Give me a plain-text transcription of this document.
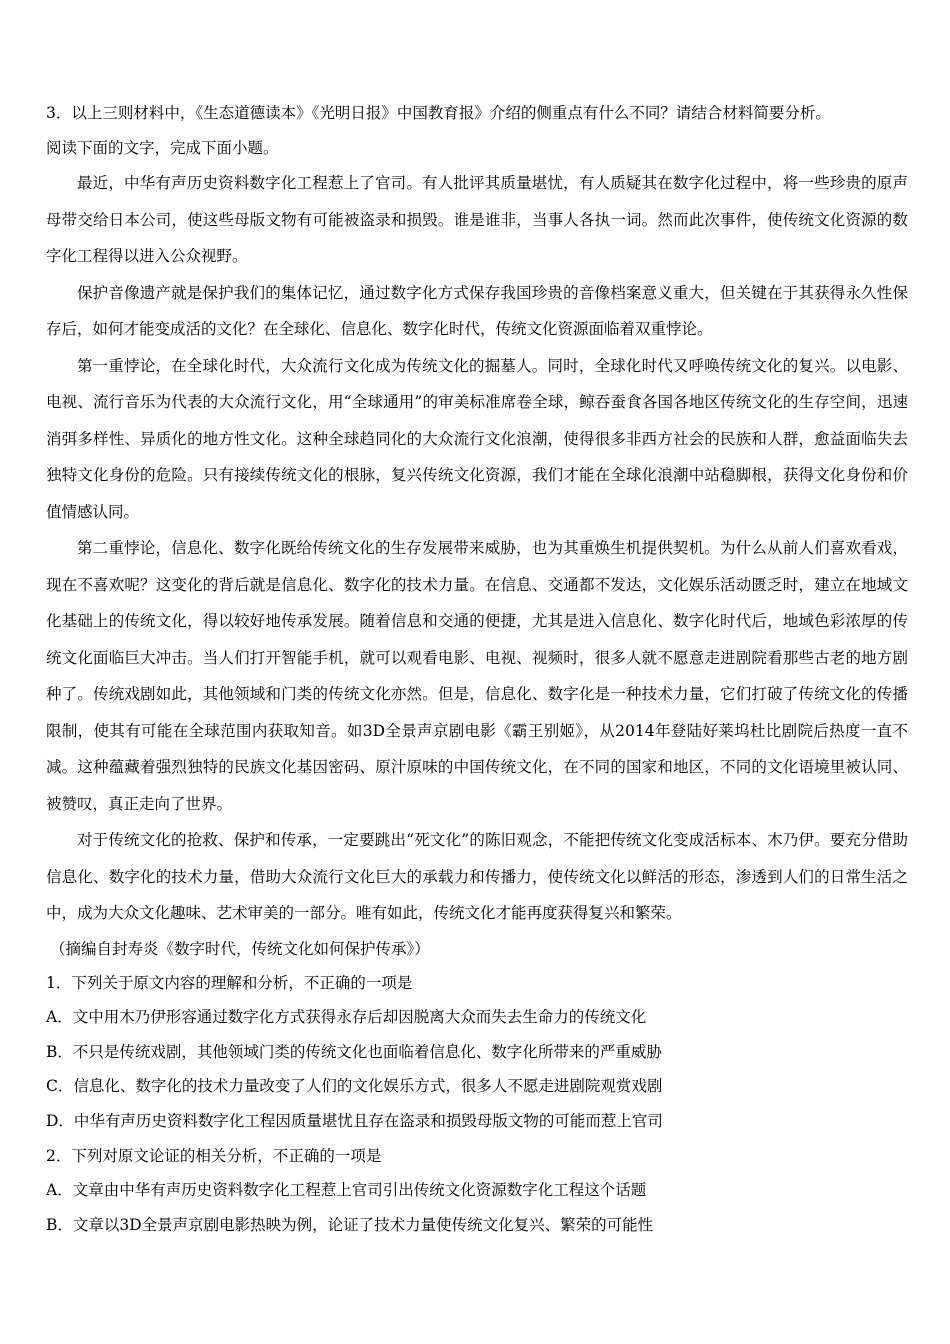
3．以上三则材料中，《生态道德读本》《光明日报》中国教育报》介绍的侧重点有什么不同？请结合材料简要分析。
阅读下面的文字，完成下面小题。

最近，中华有声历史资料数字化工程惹上了官司。有人批评其质量堪忧，有人质疑其在数字化过程中，将一些珍贵的原声母带交给日本公司，使这些母版文物有可能被盗录和损毁。谁是谁非，当事人各执一词。然而此次事件，使传统文化资源的数字化工程得以进入公众视野。

保护音像遗产就是保护我们的集体记忆，通过数字化方式保存我国珍贵的音像档案意义重大，但关键在于其获得永久性保存后，如何才能变成活的文化？在全球化、信息化、数字化时代，传统文化资源面临着双重悖论。

第一重悖论，在全球化时代，大众流行文化成为传统文化的掘墓人。同时，全球化时代又呼唤传统文化的复兴。以电影、电视、流行音乐为代表的大众流行文化，用“全球通用”的审美标准席卷全球，鲸吞蚕食各国各地区传统文化的生存空间，迅速消弭多样性、异质化的地方性文化。这种全球趋同化的大众流行文化浪潮，使得很多非西方社会的民族和人群，愈益面临失去独特文化身份的危险。只有接续传统文化的根脉，复兴传统文化资源，我们才能在全球化浪潮中站稳脚根，获得文化身份和价值情感认同。

第二重悖论，信息化、数字化既给传统文化的生存发展带来威胁，也为其重焕生机提供契机。为什么从前人们喜欢看戏，现在不喜欢呢？这变化的背后就是信息化、数字化的技术力量。在信息、交通都不发达，文化娱乐活动匮乏时，建立在地域文化基础上的传统文化，得以较好地传承发展。随着信息和交通的便捷，尤其是进入信息化、数字化时代后，地域色彩浓厚的传统文化面临巨大冲击。当人们打开智能手机，就可以观看电影、电视、视频时，很多人就不愿意走进剧院看那些古老的地方剧种了。传统戏剧如此，其他领域和门类的传统文化亦然。但是，信息化、数字化是一种技术力量，它们打破了传统文化的传播限制，使其有可能在全球范围内获取知音。如3D全景声京剧电影《霸王别姬》，从2014年登陆好莱坞杜比剧院后热度一直不减。这种蕴藏着强烈独特的民族文化基因密码、原汁原味的中国传统文化，在不同的国家和地区，不同的文化语境里被认同、被赞叹，真正走向了世界。

对于传统文化的抢救、保护和传承，一定要跳出“死文化”的陈旧观念，不能把传统文化变成活标本、木乃伊。要充分借助信息化、数字化的技术力量，借助大众流行文化巨大的承载力和传播力，使传统文化以鲜活的形态，渗透到人们的日常生活之中，成为大众文化趣味、艺术审美的一部分。唯有如此，传统文化才能再度获得复兴和繁荣。

（摘编自封寿炎《数字时代，传统文化如何保护传承》）
1．下列关于原文内容的理解和分析，不正确的一项是
A．文中用木乃伊形容通过数字化方式获得永存后却因脱离大众而失去生命力的传统文化
B．不只是传统戏剧，其他领域门类的传统文化也面临着信息化、数字化所带来的严重威胁
C．信息化、数字化的技术力量改变了人们的文化娱乐方式，很多人不愿走进剧院观赏戏剧
D．中华有声历史资料数字化工程因质量堪忧且存在盗录和损毁母版文物的可能而惹上官司
2．下列对原文论证的相关分析，不正确的一项是
A．文章由中华有声历史资料数字化工程惹上官司引出传统文化资源数字化工程这个话题
B．文章以3D全景声京剧电影热映为例，论证了技术力量使传统文化复兴、繁荣的可能性
